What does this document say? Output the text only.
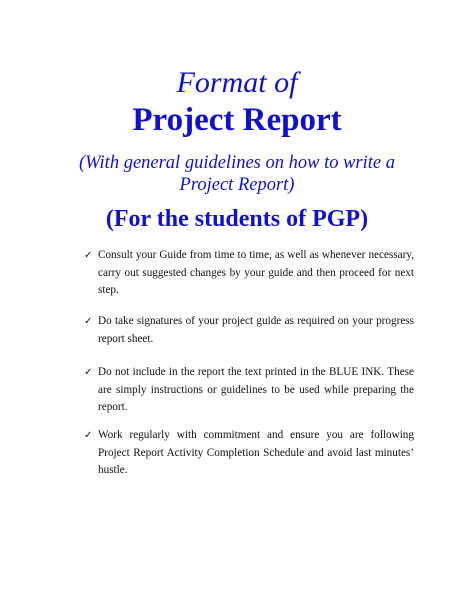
Format of
Project Report
(With general guidelines on how to write a Project Report)
(For the students of PGP)
✓ Consult your Guide from time to time, as well as whenever necessary, carry out suggested changes by your guide and then proceed for next step.
✓ Do take signatures of your project guide as required on your progress report sheet.
✓ Do not include in the report the text printed in the BLUE INK. These are simply instructions or guidelines to be used while preparing the report.
✓ Work regularly with commitment and ensure you are following Project Report Activity Completion Schedule and avoid last minutes’ hustle.
